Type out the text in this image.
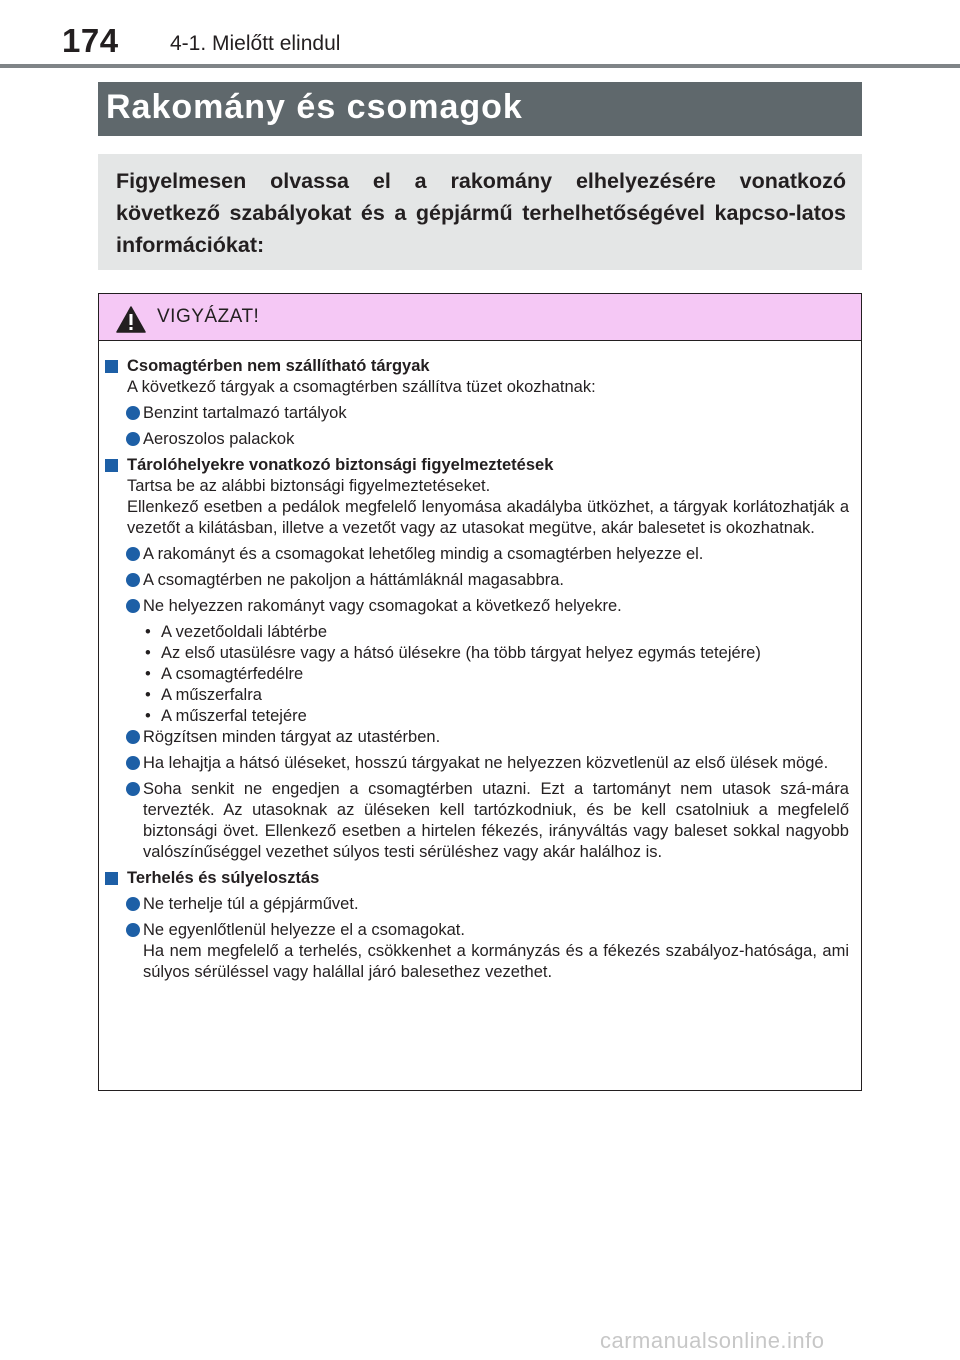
174 4-1. Mielőtt elindul
Rakomány és csomagok

Figyelmesen olvassa el a rakomány elhelyezésére vonatkozó következő szabályokat és a gépjármű terhelhetőségével kapcso-latos információkat:

VIGYÁZAT!
Csomagtérben nem szállítható tárgyak
A következő tárgyak a csomagtérben szállítva tüzet okozhatnak:
Benzint tartalmazó tartályok
Aeroszolos palackok
Tárolóhelyekre vonatkozó biztonsági figyelmeztetések
Tartsa be az alábbi biztonsági figyelmeztetéseket.
Ellenkező esetben a pedálok megfelelő lenyomása akadályba ütközhet, a tárgyak korlátozhatják a vezetőt a kilátásban, illetve a vezetőt vagy az utasokat megütve, akár balesetet is okozhatnak.
A rakományt és a csomagokat lehetőleg mindig a csomagtérben helyezze el.
A csomagtérben ne pakoljon a háttámláknál magasabbra.
Ne helyezzen rakományt vagy csomagokat a következő helyekre.
• A vezetőoldali lábtérbe
• Az első utasülésre vagy a hátsó ülésekre (ha több tárgyat helyez egymás tetejére)
• A csomagtérfedélre
• A műszerfalra
• A műszerfal tetejére
Rögzítsen minden tárgyat az utastérben.
Ha lehajtja a hátsó üléseket, hosszú tárgyakat ne helyezzen közvetlenül az első ülések mögé.
Soha senkit ne engedjen a csomagtérben utazni. Ezt a tartományt nem utasok szá-mára tervezték. Az utasoknak az üléseken kell tartózkodniuk, és be kell csatolniuk a megfelelő biztonsági övet. Ellenkező esetben a hirtelen fékezés, irányváltás vagy baleset sokkal nagyobb valószínűséggel vezethet súlyos testi sérüléshez vagy akár halálhoz is.
Terhelés és súlyelosztás
Ne terhelje túl a gépjárművet.
Ne egyenlőtlenül helyezze el a csomagokat.
Ha nem megfelelő a terhelés, csökkenhet a kormányzás és a fékezés szabályoz-hatósága, ami súlyos sérüléssel vagy halállal járó balesethez vezethet.
carmanualsonline.info
